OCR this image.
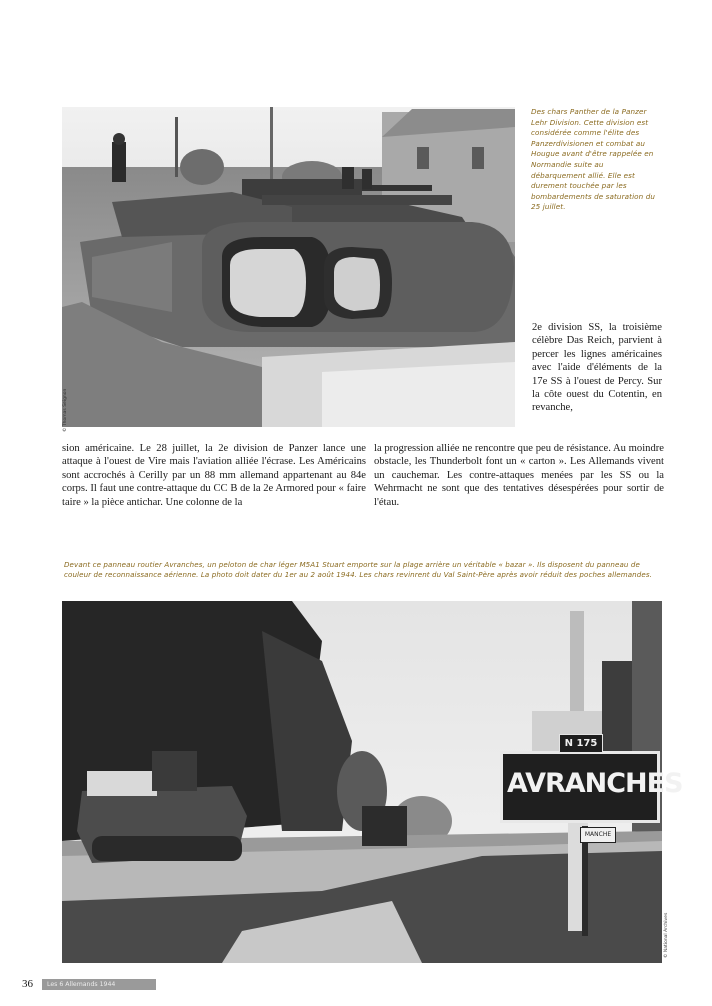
© Thomas Seignon
Des chars Panther de la Panzer Lehr Division. Cette division est considérée comme l'élite des Panzerdivisionen et combat au Hougue avant d'être rappelée en Normandie suite au débarquement allié. Elle est durement touchée par les bombardements de saturation du 25 juillet.

2e division SS, la troisième célèbre Das Reich, parvient à percer les lignes américaines avec l'aide d'éléments de la 17e SS à l'ouest de Percy. Sur la côte ouest du Cotentin, en revanche,

sion américaine. Le 28 juillet, la 2e division de Panzer lance une attaque à l'ouest de Vire mais l'aviation alliée l'écrase. Les Américains sont accrochés à Cerilly par un 88 mm allemand appartenant au 84e corps. Il faut une contre-attaque du CC B de la 2e Armored pour « faire taire » la pièce antichar. Une colonne de la

la progression alliée ne rencontre que peu de résistance. Au moindre obstacle, les Thunderbolt font un « carton ». Les Allemands vivent un cauchemar. Les contre-attaques menées par les SS ou la Wehrmacht ne sont que des tentatives désespérées pour sortir de l'étau.

Devant ce panneau routier Avranches, un peloton de char léger M5A1 Stuart emporte sur la plage arrière un véritable « bazar ». Ils disposent du panneau de couleur de reconnaissance aérienne. La photo doit dater du 1er au 2 août 1944. Les chars revinrent du Val Saint-Père après avoir réduit des poches allemandes.
AVRANCHES
N 175
MANCHE
© National Archives
36	Les 6 Allemands 1944
